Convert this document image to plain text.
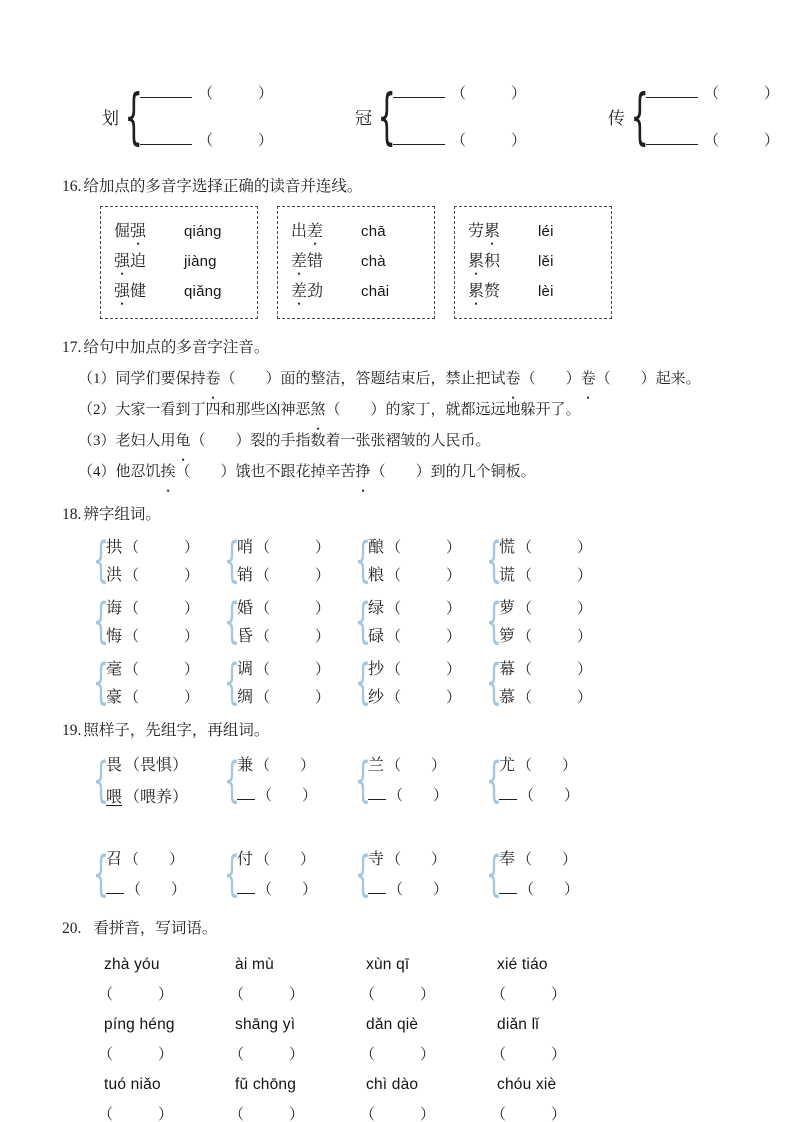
划 {	（　　　）
（　　　）
冠 {	（　　　）
（　　　）
传 {	（　　　）
（　　　）
16. 给加点的多音字选择正确的读音并连线。
倔强	qiáng
强迫	jiàng
强健	qiǎng
出差	chā
差错	chà
差劲	chāi
劳累	léi
累积	lěi
累赘	lèi
17. 给句中加点的多音字注音。
（1）同学们要保持卷（　　）面的整洁，答题结束后，禁止把试卷（　　）卷（　　）起来。
（2）大家一看到丁四和那些凶神恶煞（　　）的家丁，就都远远地躲开了。
（3）老妇人用龟（　　）裂的手指数着一张张褶皱的人民币。
（4）他忍饥挨（　　）饿也不跟花掉辛苦挣（　　）到的几个铜板。
18. 辨字组词。
{
拱 （　　　）
洪 （　　　） {
哨 （　　　）
销 （　　　） {
酿 （　　　）
粮 （　　　） {
慌 （　　　）
谎 （　　　）
{
诲 （　　　）
悔 （　　　） {
婚 （　　　）
昏 （　　　） {
绿 （　　　）
碌 （　　　） {
萝 （　　　）
箩 （　　　）
{
毫 （　　　）
豪 （　　　） {
调 （　　　）
绸 （　　　） {
抄 （　　　）
纱 （　　　） {
幕 （　　　）
慕 （　　　）
19. 照样子，先组字，再组词。
{
畏 （畏惧）
喂 （喂养） {
兼 （　　）
（　　） {
兰 （　　）
（　　） {
尤 （　　）
（　　）
{
召 （　　）
（　　） {
付 （　　）
（　　） {
寺 （　　）
（　　） {
奉 （　　）
（　　）
20. 看拼音，写词语。
zhà yóu	ài mù	xùn qī	xié tiáo
（　　　）	（　　　）	（　　　）	（　　　）
píng héng	shāng yì	dǎn qiè	diǎn lǐ
（　　　）	（　　　）	（　　　）	（　　　）
tuó niǎo	fǔ chōng	chì dào	chóu xiè
（　　　）	（　　　）	（　　　）	（　　　）
